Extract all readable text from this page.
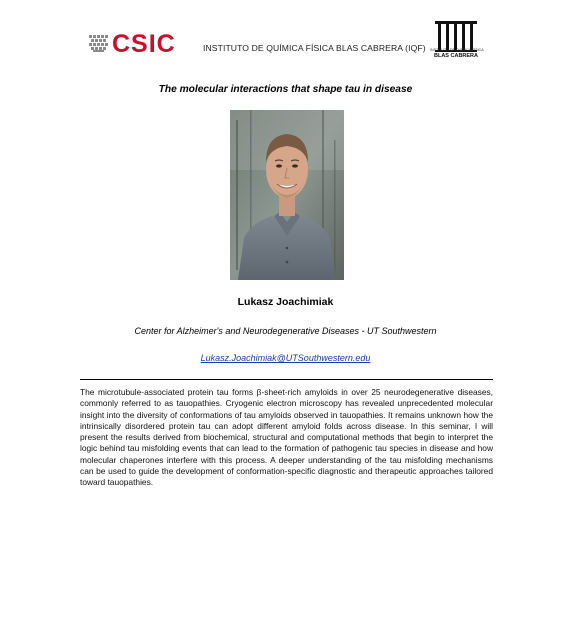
CSIC	INSTITUTO DE QUÍMICA FÍSICA BLAS CABRERA (IQF) INSTITUTO DE QUÍMICA FÍSICA
BLAS CABRERA
The molecular interactions that shape tau in disease
Lukasz Joachimiak
Center for Alzheimer's and Neurodegenerative Diseases - UT Southwestern
Lukasz.Joachimiak@UTSouthwestern.edu
The microtubule-associated protein tau forms β-sheet-rich amyloids in over 25 neurodegenerative diseases, commonly referred to as tauopathies. Cryogenic electron microscopy has revealed unprecedented molecular insight into the diversity of conformations of tau amyloids observed in tauopathies. It remains unknown how the intrinsically disordered protein tau can adopt different amyloid folds across disease. In this seminar, I will present the results derived from biochemical, structural and computational methods that begin to interpret the logic behind tau misfolding events that can lead to the formation of pathogenic tau species in disease and how molecular chaperones interfere with this process. A deeper understanding of the tau misfolding mechanisms can be used to guide the development of conformation-specific diagnostic and therapeutic approaches tailored toward tauopathies.
